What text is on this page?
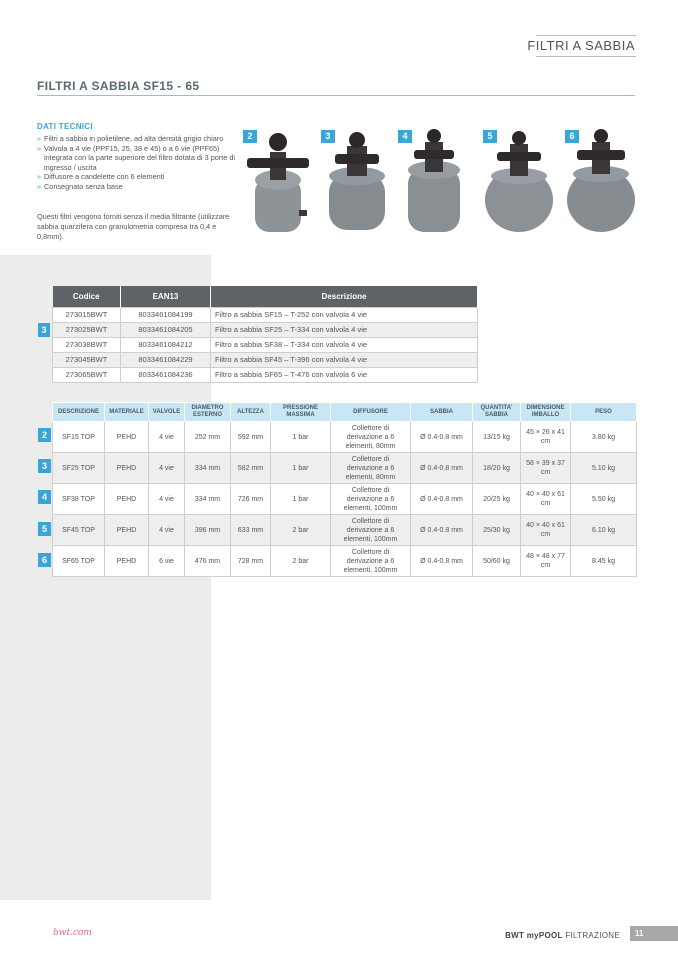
FILTRI A SABBIA
FILTRI A SABBIA SF15 - 65
DATI TECNICI
» Filtri a sabbia in polietilene, ad alta densità grigio chiaro
» Valvola a 4 vie (PPF15, 25, 38 e 45) o a 6 vie (PPF65) integrata con la parte superiore del filtro dotata di 3 porte di ingresso / uscita
» Diffusore a candelette con 6 elementi
» Consegnato senza base
Questi filtri vengono forniti senza il media filtrante (utilizzare sabbia quarzifera con granulometria compresa tra 0,4 e 0,8mm).
2	3	4	5	6
3
Codice	EAN13	Descrizione
273015BWT	8033461084199	Filtro a sabbia SF15 – T-252 con valvola 4 vie
273025BWT	8033461084205	Filtro a sabbia SF25 – T-334 con valvola 4 vie
273038BWT	8033461084212	Filtro a sabbia SF38 – T-334 con valvola 4 vie
273045BWT	8033461084229	Filtro a sabbia SF45 – T-396 con valvola 4 vie
273065BWT	8033461084236	Filtro a sabbia SF65 – T-476 con valvola 6 vie
2
3
4
5
6
DESCRIZIONE	MATERIALE	VALVOLE	DIAMETRO ESTERNO	ALTEZZA	PRESSIONE MASSIMA	DIFFUSORE	SABBIA	QUANTITA' SABBIA	DIMENSIONE IMBALLO	PESO
SF15 TOP	PEHD	4 vie	252 mm	592 mm	1 bar	Collettore di derivazione a 6 elementi, 80mm	Ø 0.4-0.8 mm	13/15 kg	45 × 26 x 41 cm	3.80 kg
SF25 TOP	PEHD	4 vie	334 mm	582 mm	1 bar	Collettore di derivazione a 6 elementi, 80mm	Ø 0.4-0.8 mm	18/20 kg	58 × 39 x 37 cm	5.10 kg
SF38 TOP	PEHD	4 vie	334 mm	726 mm	1 bar	Collettore di derivazione a 6 elementi, 100mm	Ø 0.4-0.8 mm	20/25 kg	40 × 40 x 61 cm	5.50 kg
SF45 TOP	PEHD	4 vie	396 mm	633 mm	2 bar	Collettore di derivazione a 6 elementi, 100mm	Ø 0.4-0.8 mm	25/30 kg	40 × 40 x 61 cm	6.10 kg
SF65 TOP	PEHD	6 vie	476 mm	728 mm	2 bar	Collettore di derivazione a 6 elementi, 100mm	Ø 0.4-0.8 mm	50/60 kg	48 × 48 x 77 cm	8.45 kg
bwt.com	BWT myPOOL FILTRAZIONE	11
